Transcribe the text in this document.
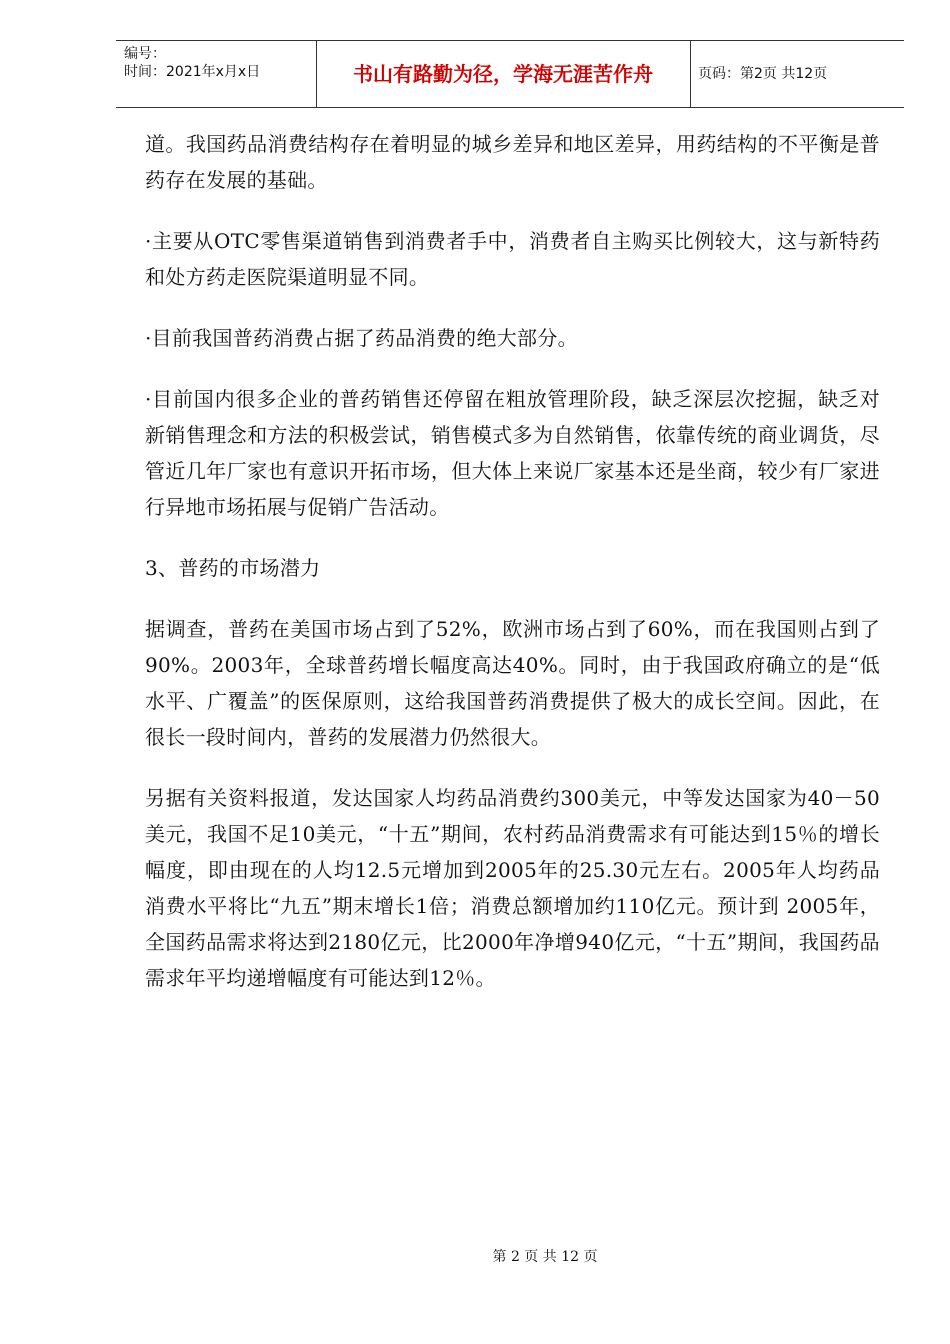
编号：
时间：2021年x月x日	书山有路勤为径，学海无涯苦作舟	页码：第2页 共12页

道。我国药品消费结构存在着明显的城乡差异和地区差异，用药结构的不平衡是普药存在发展的基础。

·主要从OTC零售渠道销售到消费者手中，消费者自主购买比例较大，这与新特药和处方药走医院渠道明显不同。

·目前我国普药消费占据了药品消费的绝大部分。

·目前国内很多企业的普药销售还停留在粗放管理阶段，缺乏深层次挖掘，缺乏对新销售理念和方法的积极尝试，销售模式多为自然销售，依靠传统的商业调货，尽管近几年厂家也有意识开拓市场，但大体上来说厂家基本还是坐商，较少有厂家进行异地市场拓展与促销广告活动。

3、普药的市场潜力

据调查，普药在美国市场占到了52%，欧洲市场占到了60%，而在我国则占到了90%。2003年，全球普药增长幅度高达40%。同时，由于我国政府确立的是“低水平、广覆盖”的医保原则，这给我国普药消费提供了极大的成长空间。因此，在很长一段时间内，普药的发展潜力仍然很大。

另据有关资料报道，发达国家人均药品消费约300美元，中等发达国家为40－50美元，我国不足10美元，“十五”期间，农村药品消费需求有可能达到15％的增长幅度，即由现在的人均12.5元增加到2005年的25.30元左右。2005年人均药品消费水平将比“九五”期末增长1倍；消费总额增加约110亿元。预计到 2005年，全国药品需求将达到2180亿元，比2000年净增940亿元，“十五”期间，我国药品需求年平均递增幅度有可能达到12％。

第 2 页 共 12 页
